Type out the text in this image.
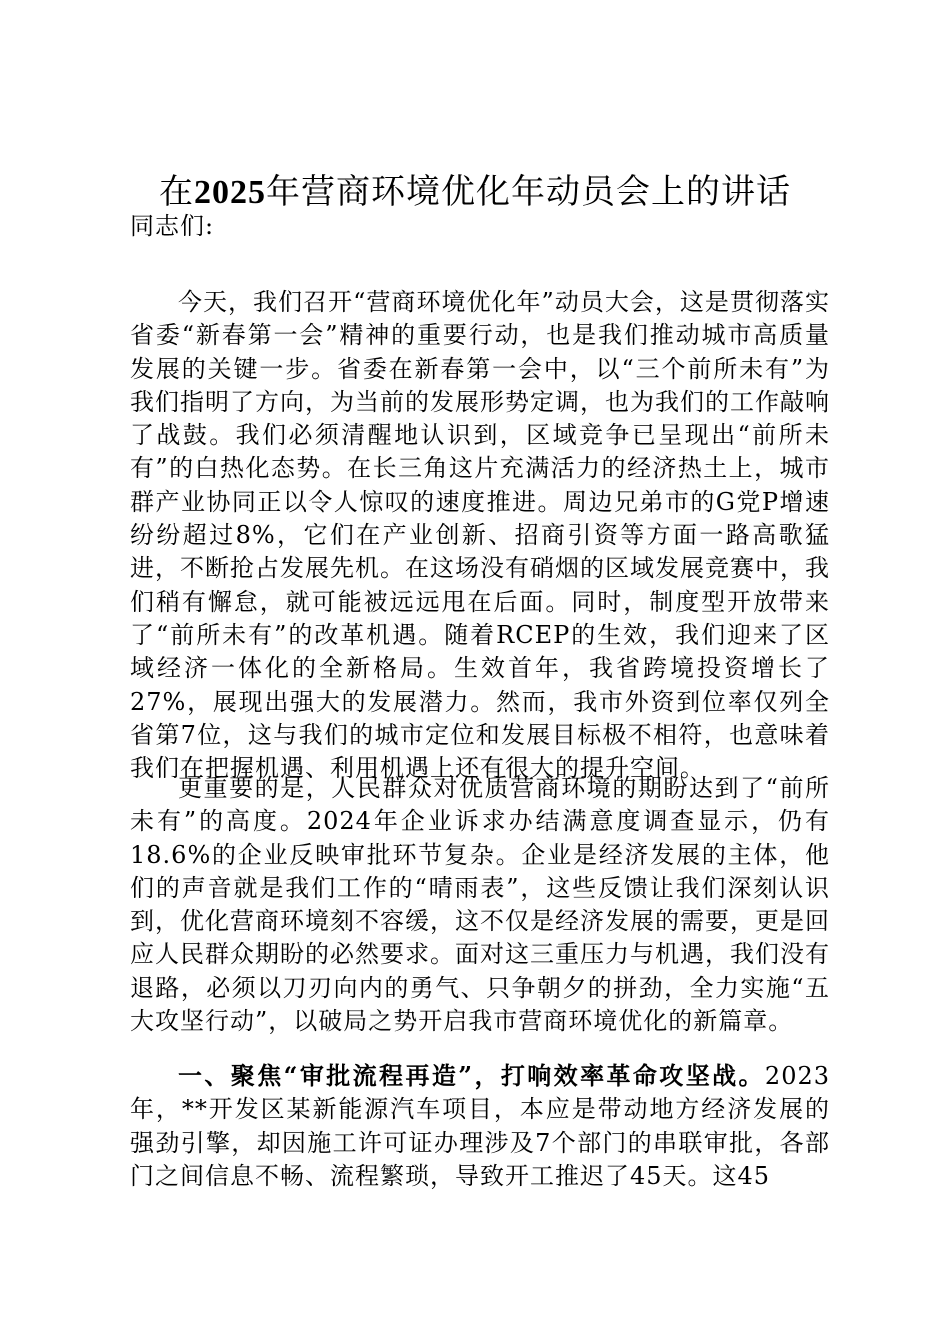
在2025年营商环境优化年动员会上的讲话
同志们:

今天，我们召开“营商环境优化年”动员大会，这是贯彻落实省委“新春第一会”精神的重要行动，也是我们推动城市高质量发展的关键一步。省委在新春第一会中，以“三个前所未有”为我们指明了方向，为当前的发展形势定调，也为我们的工作敲响了战鼓。我们必须清醒地认识到，区域竞争已呈现出“前所未有”的白热化态势。在长三角这片充满活力的经济热土上，城市群产业协同正以令人惊叹的速度推进。周边兄弟市的G党P增速纷纷超过8%，它们在产业创新、招商引资等方面一路高歌猛进，不断抢占发展先机。在这场没有硝烟的区域发展竞赛中，我们稍有懈怠，就可能被远远甩在后面。同时，制度型开放带来了“前所未有”的改革机遇。随着RCEP的生效，我们迎来了区域经济一体化的全新格局。生效首年，我省跨境投资增长了27%，展现出强大的发展潜力。然而，我市外资到位率仅列全省第7位，这与我们的城市定位和发展目标极不相符，也意味着我们在把握机遇、利用机遇上还有很大的提升空间。

更重要的是，人民群众对优质营商环境的期盼达到了“前所未有”的高度。2024年企业诉求办结满意度调查显示，仍有18.6%的企业反映审批环节复杂。企业是经济发展的主体，他们的声音就是我们工作的“晴雨表”，这些反馈让我们深刻认识到，优化营商环境刻不容缓，这不仅是经济发展的需要，更是回应人民群众期盼的必然要求。面对这三重压力与机遇，我们没有退路，必须以刀刃向内的勇气、只争朝夕的拼劲，全力实施“五大攻坚行动”，以破局之势开启我市营商环境优化的新篇章。

一、聚焦“审批流程再造”，打响效率革命攻坚战。2023年，**开发区某新能源汽车项目，本应是带动地方经济发展的强劲引擎，却因施工许可证办理涉及7个部门的串联审批，各部门之间信息不畅、流程繁琐，导致开工推迟了45天。这45
